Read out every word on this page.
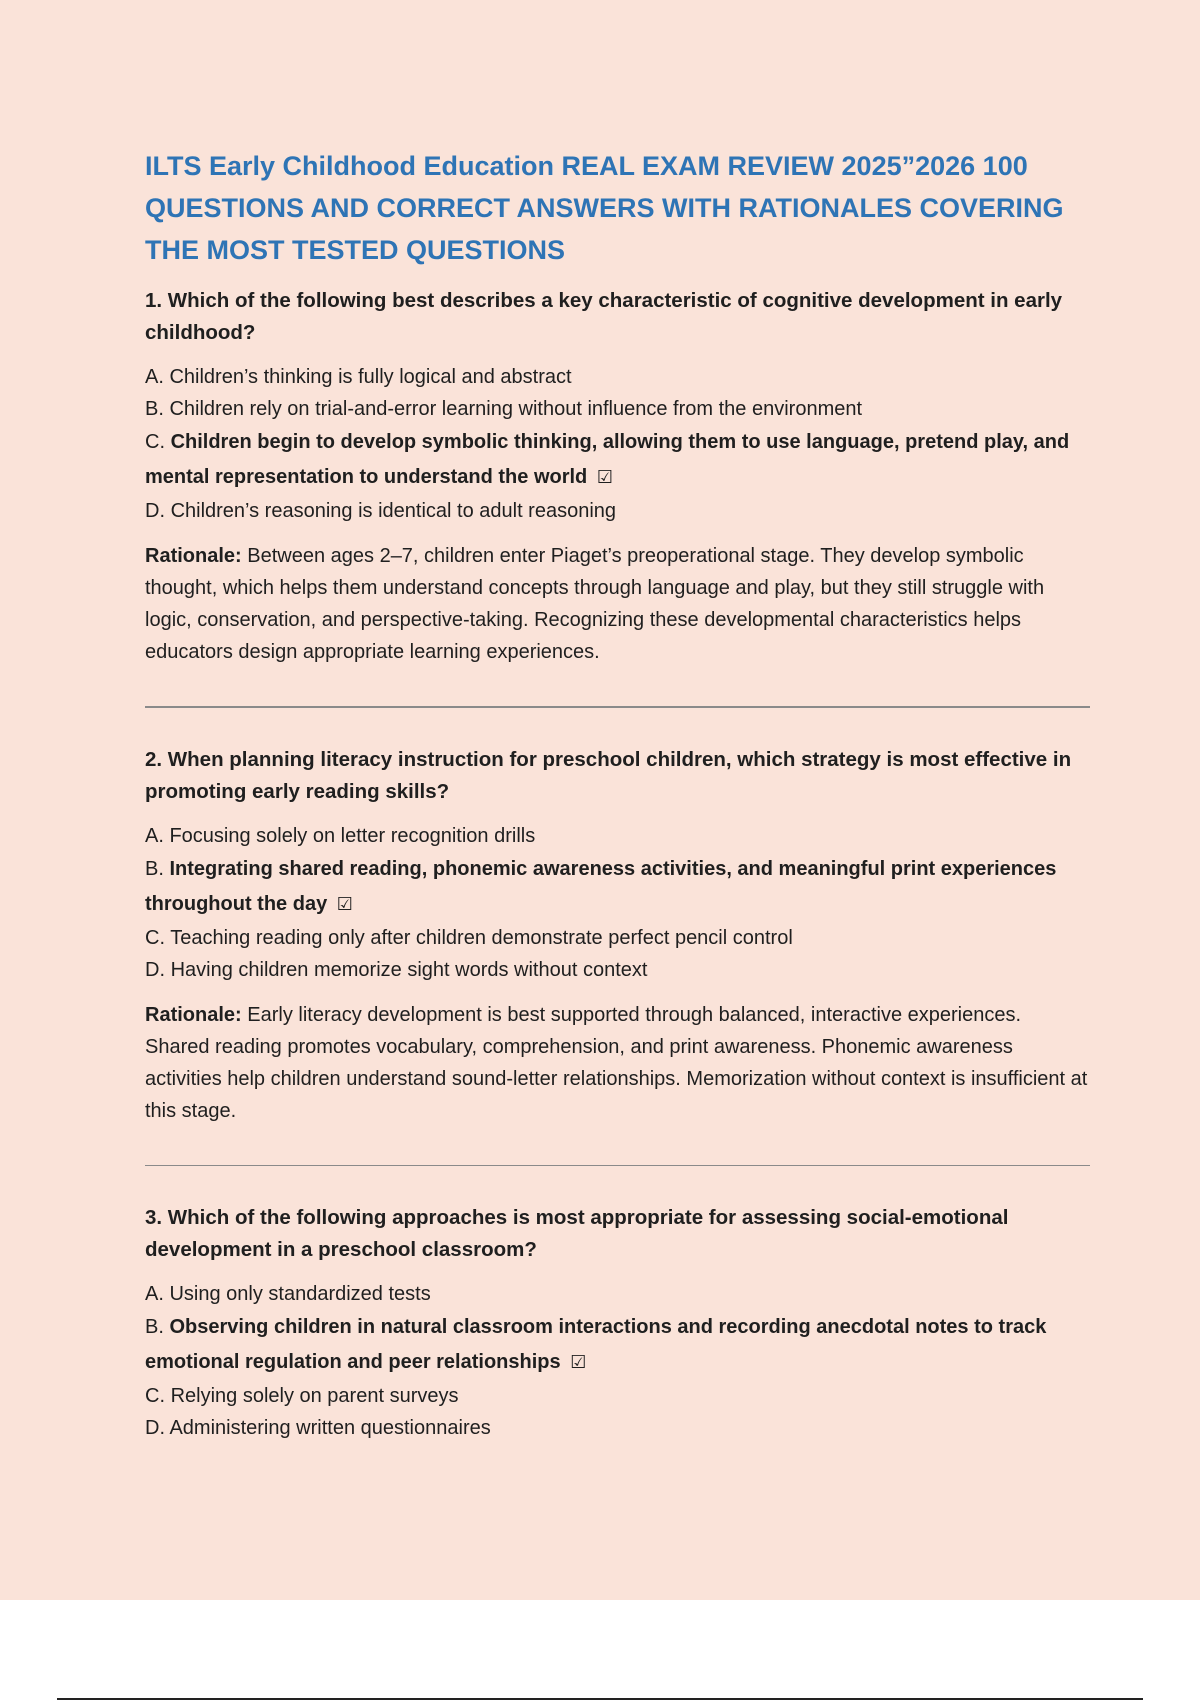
ILTS Early Childhood Education REAL EXAM REVIEW 2025”2026 100 QUESTIONS AND CORRECT ANSWERS WITH RATIONALES COVERING THE MOST TESTED QUESTIONS

1. Which of the following best describes a key characteristic of cognitive development in early childhood?

A. Children’s thinking is fully logical and abstract
B. Children rely on trial-and-error learning without influence from the environment
C. Children begin to develop symbolic thinking, allowing them to use language, pretend play, and mental representation to understand the world ☑
D. Children’s reasoning is identical to adult reasoning

Rationale: Between ages 2–7, children enter Piaget’s preoperational stage. They develop symbolic thought, which helps them understand concepts through language and play, but they still struggle with logic, conservation, and perspective-taking. Recognizing these developmental characteristics helps educators design appropriate learning experiences.

2. When planning literacy instruction for preschool children, which strategy is most effective in promoting early reading skills?

A. Focusing solely on letter recognition drills
B. Integrating shared reading, phonemic awareness activities, and meaningful print experiences throughout the day ☑
C. Teaching reading only after children demonstrate perfect pencil control
D. Having children memorize sight words without context

Rationale: Early literacy development is best supported through balanced, interactive experiences. Shared reading promotes vocabulary, comprehension, and print awareness. Phonemic awareness activities help children understand sound-letter relationships. Memorization without context is insufficient at this stage.

3. Which of the following approaches is most appropriate for assessing social-emotional development in a preschool classroom?

A. Using only standardized tests
B. Observing children in natural classroom interactions and recording anecdotal notes to track emotional regulation and peer relationships ☑
C. Relying solely on parent surveys
D. Administering written questionnaires
